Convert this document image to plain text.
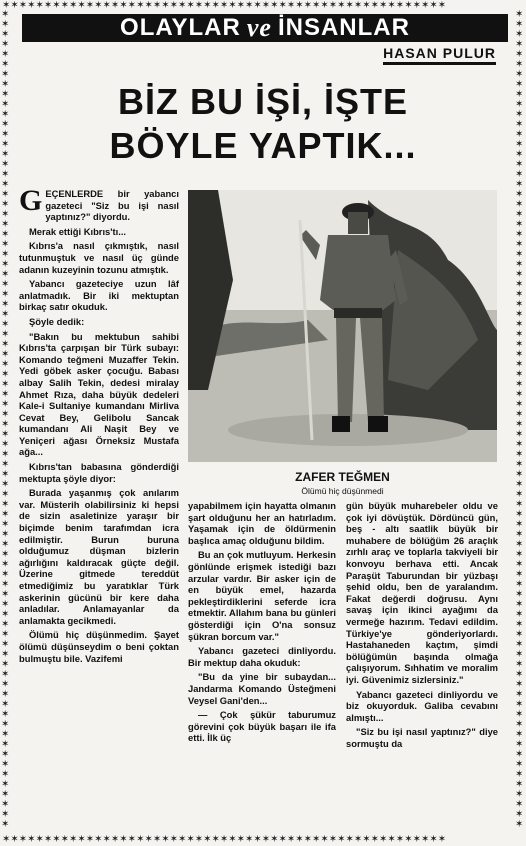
✶✶✶✶✶✶✶✶✶✶✶✶✶✶✶✶✶✶✶✶✶✶✶✶✶✶✶✶✶✶✶✶✶✶✶✶✶✶✶✶✶✶✶✶✶✶✶✶✶✶✶✶✶
✶✶✶✶✶✶✶✶✶✶✶✶✶✶✶✶✶✶✶✶✶✶✶✶✶✶✶✶✶✶✶✶✶✶✶✶✶✶✶✶✶✶✶✶✶✶✶✶✶✶✶✶✶
✶✶✶✶✶✶✶✶✶✶✶✶✶✶✶✶✶✶✶✶✶✶✶✶✶✶✶✶✶✶✶✶✶✶✶✶✶✶✶✶✶✶✶✶✶✶✶✶✶✶✶✶✶✶✶✶✶✶✶✶✶✶✶✶✶✶✶✶✶✶✶✶✶✶✶✶✶✶✶✶✶✶
✶✶✶✶✶✶✶✶✶✶✶✶✶✶✶✶✶✶✶✶✶✶✶✶✶✶✶✶✶✶✶✶✶✶✶✶✶✶✶✶✶✶✶✶✶✶✶✶✶✶✶✶✶✶✶✶✶✶✶✶✶✶✶✶✶✶✶✶✶✶✶✶✶✶✶✶✶✶✶✶✶✶
OLAYLAR ve İNSANLAR
HASAN PULUR
BİZ BU İŞİ, İŞTE
BÖYLE YAPTIK...

GEÇENLERDE bir yabancı gazeteci "Siz bu işi nasıl yaptınız?" diyordu.

Merak ettiği Kıbrıs'tı...

Kıbrıs'a nasıl çıkmıştık, nasıl tutunmuştuk ve nasıl üç günde adanın kuzeyinin tozunu atmıştık.

Yabancı gazeteciye uzun lâf anlatmadık. Bir iki mektuptan birkaç satır okuduk.

Şöyle dedik:

"Bakın bu mektubun sahibi Kıbrıs'ta çarpışan bir Türk subayı: Komando teğmeni Muzaffer Tekin. Yedi göbek asker çocuğu. Babası albay Salih Tekin, dedesi miralay Ahmet Rıza, daha büyük dedeleri Kale-i Sultaniye kumandanı Mirliva Cevat Bey, Gelibolu Sancak kumandanı Ali Naşit Bey ve Yeniçeri ağası Örneksiz Mustafa ağa...

Kıbrıs'tan babasına gönderdiği mektupta şöyle diyor:

Burada yaşanmış çok anılarım var. Müsterih olabilirsiniz ki hepsi de sizin asaletinize yaraşır bir biçimde benim tarafımdan icra edilmiştir. Burun buruna olduğumuz düşman bizlerin ağırlığını kaldıracak güçte değil. Üzerine gitmede tereddüt etmediğimiz bu yaratıklar Türk askerinin gücünü bir kere daha anladılar. Anlamayanlar da anlamakta gecikmedi.

Ölümü hiç düşünmedim. Şayet ölümü düşünseydim o beni çoktan bulmuştu bile. Vazifemi

ZAFER TEĞMEN
Ölümü hiç düşünmedi

yapabilmem için hayatta olmanın şart olduğunu her an hatırladım. Yaşamak için de öldürmenin başlıca amaç olduğunu bildim.

Bu an çok mutluyum. Herkesin gönlünde erişmek istediği bazı arzular vardır. Bir asker için de en büyük emel, hazarda pekleştirdiklerini seferde icra etmektir. Allahım bana bu günleri gösterdiği için O'na sonsuz şükran borcum var."

Yabancı gazeteci dinliyordu. Bir mektup daha okuduk:

"Bu da yine bir subaydan... Jandarma Komando Üsteğmeni Veysel Gani'den...

— Çok şükür taburumuz görevini çok büyük başarı ile ifa etti. İlk üç

gün büyük muharebeler oldu ve çok iyi dövüştük. Dördüncü gün, beş - altı saatlik büyük bir muhabere de bölüğüm 26 araçlık zırhlı araç ve toplarla takviyeli bir konvoyu berhava etti. Ancak Paraşüt Taburundan bir yüzbaşı şehid oldu, ben de yaralandım. Fakat değerdi doğrusu. Aynı savaş için ikinci ayağımı da vermeğe hazırım. Tedavi edildim. Türkiye'ye gönderiyorlardı. Hastahaneden kaçtım, şimdi bölüğümün başında olmağa çalışıyorum. Sıhhatim ve moralim iyi. Güvenimiz sizlersiniz."

Yabancı gazeteci dinliyordu ve biz okuyorduk. Galiba cevabını almıştı...

"Siz bu işi nasıl yaptınız?" diye sormuştu da
